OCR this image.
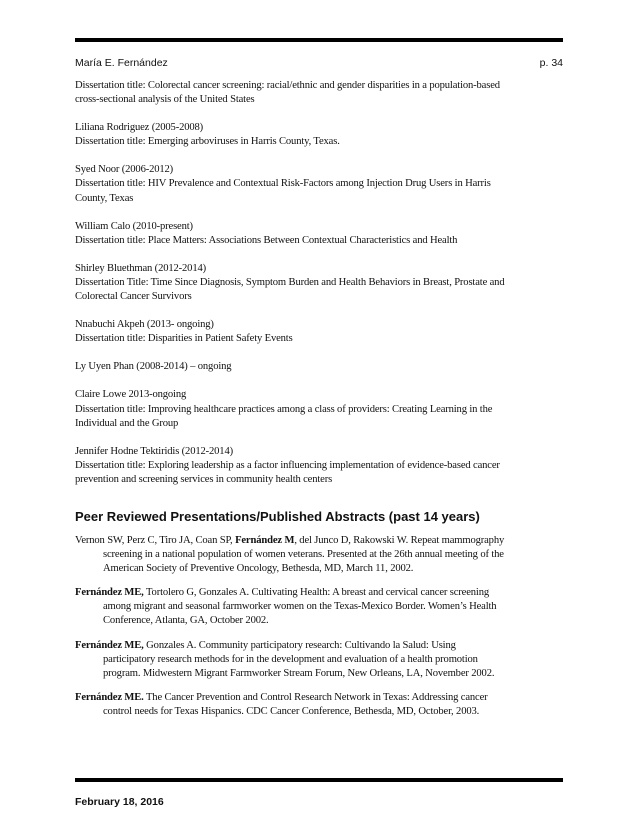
María E. Fernández	p. 34
Dissertation title: Colorectal cancer screening: racial/ethnic and gender disparities in a population-based
cross-sectional analysis of the United States
Liliana Rodriguez (2005-2008)
Dissertation title: Emerging arboviruses in Harris County, Texas.
Syed Noor (2006-2012)
Dissertation title: HIV Prevalence and Contextual Risk-Factors among Injection Drug Users in Harris
County, Texas
William Calo (2010-present)
Dissertation title: Place Matters: Associations Between Contextual Characteristics and Health
Shirley Bluethman (2012-2014)
Dissertation Title: Time Since Diagnosis, Symptom Burden and Health Behaviors in Breast, Prostate and
Colorectal Cancer Survivors
Nnabuchi Akpeh (2013- ongoing)
Dissertation title: Disparities in Patient Safety Events
Ly Uyen Phan (2008-2014) – ongoing
Claire Lowe 2013-ongoing
Dissertation title: Improving healthcare practices among a class of providers: Creating Learning in the
Individual and the Group
Jennifer Hodne Tektiridis (2012-2014)
Dissertation title: Exploring leadership as a factor influencing implementation of evidence-based cancer
prevention and screening services in community health centers
Peer Reviewed Presentations/Published Abstracts (past 14 years)
Vernon SW, Perz C, Tiro JA, Coan SP, Fernández M, del Junco D, Rakowski W. Repeat mammography
screening in a national population of women veterans. Presented at the 26th annual meeting of the
American Society of Preventive Oncology, Bethesda, MD, March 11, 2002.
Fernández ME, Tortolero G, Gonzales A. Cultivating Health: A breast and cervical cancer screening
among migrant and seasonal farmworker women on the Texas-Mexico Border. Women’s Health
Conference, Atlanta, GA, October 2002.
Fernández ME, Gonzales A. Community participatory research: Cultivando la Salud: Using
participatory research methods for in the development and evaluation of a health promotion
program. Midwestern Migrant Farmworker Stream Forum, New Orleans, LA, November 2002.
Fernández ME. The Cancer Prevention and Control Research Network in Texas: Addressing cancer
control needs for Texas Hispanics. CDC Cancer Conference, Bethesda, MD, October, 2003.
February 18, 2016
